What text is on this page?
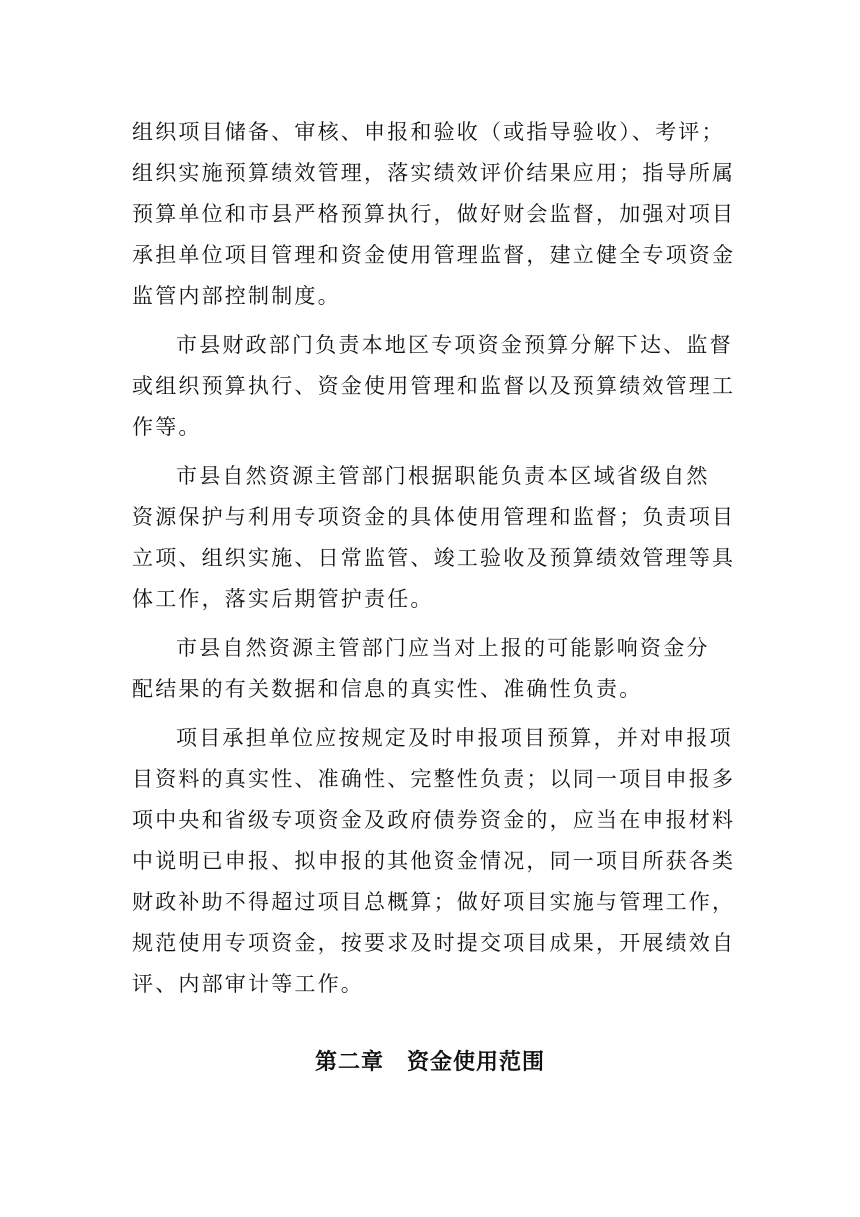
组织项目储备、审核、申报和验收（或指导验收）、考评；
组织实施预算绩效管理，落实绩效评价结果应用；指导所属
预算单位和市县严格预算执行，做好财会监督，加强对项目
承担单位项目管理和资金使用管理监督，建立健全专项资金
监管内部控制制度。
市县财政部门负责本地区专项资金预算分解下达、监督
或组织预算执行、资金使用管理和监督以及预算绩效管理工
作等。
市县自然资源主管部门根据职能负责本区域省级自然
资源保护与利用专项资金的具体使用管理和监督；负责项目
立项、组织实施、日常监管、竣工验收及预算绩效管理等具
体工作，落实后期管护责任。
市县自然资源主管部门应当对上报的可能影响资金分
配结果的有关数据和信息的真实性、准确性负责。
项目承担单位应按规定及时申报项目预算，并对申报项
目资料的真实性、准确性、完整性负责；以同一项目申报多
项中央和省级专项资金及政府债券资金的，应当在申报材料
中说明已申报、拟申报的其他资金情况，同一项目所获各类
财政补助不得超过项目总概算；做好项目实施与管理工作，
规范使用专项资金，按要求及时提交项目成果，开展绩效自
评、内部审计等工作。
第二章　资金使用范围
